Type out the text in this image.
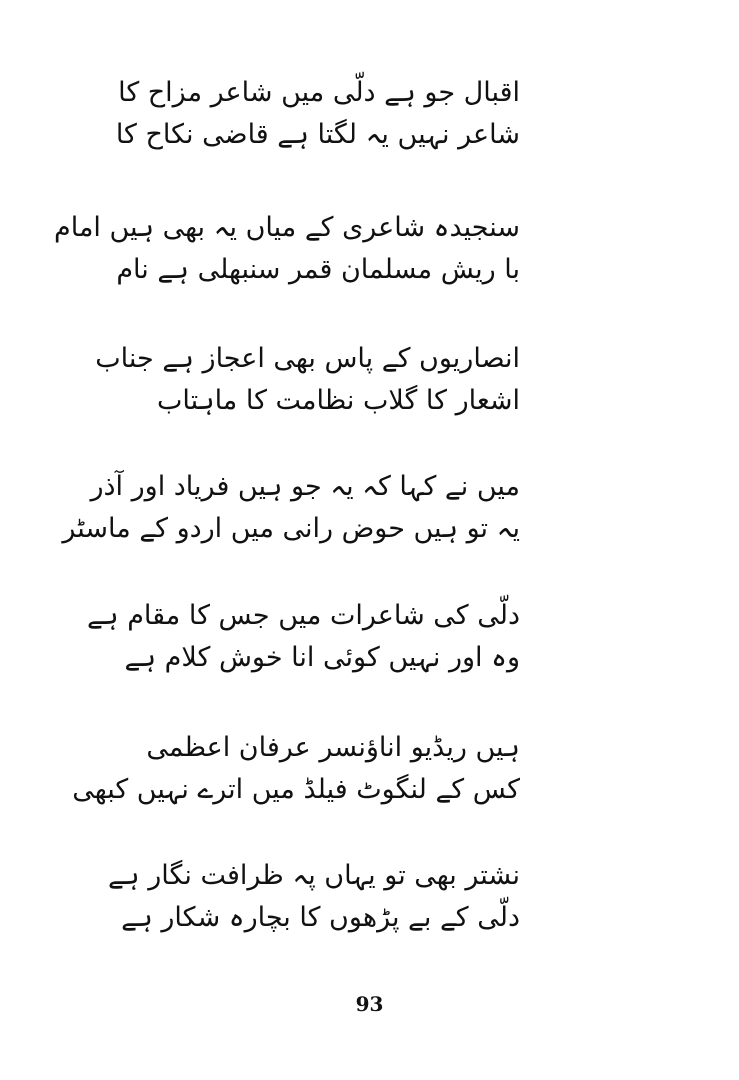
اقبال جو ہے دلّی میں شاعر مزاح کا
شاعر نہیں یہ لگتا ہے قاضی نکاح کا
سنجیدہ شاعری کے میاں یہ بھی ہیں امام
با ریش مسلمان قمر سنبھلی ہے نام
انصاریوں کے پاس بھی اعجاز ہے جناب
اشعار کا گلاب نظامت کا ماہتاب
میں نے کہا کہ یہ جو ہیں فریاد اور آذر
یہ تو ہیں حوض رانی میں اردو کے ماسٹر
دلّی کی شاعرات میں جس کا مقام ہے
وہ اور نہیں کوئی انا خوش کلام ہے
ہیں ریڈیو اناؤنسر عرفان اعظمی
کس کے لنگوٹ فیلڈ میں اترے نہیں کبھی
نشتر بھی تو یہاں پہ ظرافت نگار ہے
دلّی کے بے پڑھوں کا بچارہ شکار ہے
93
